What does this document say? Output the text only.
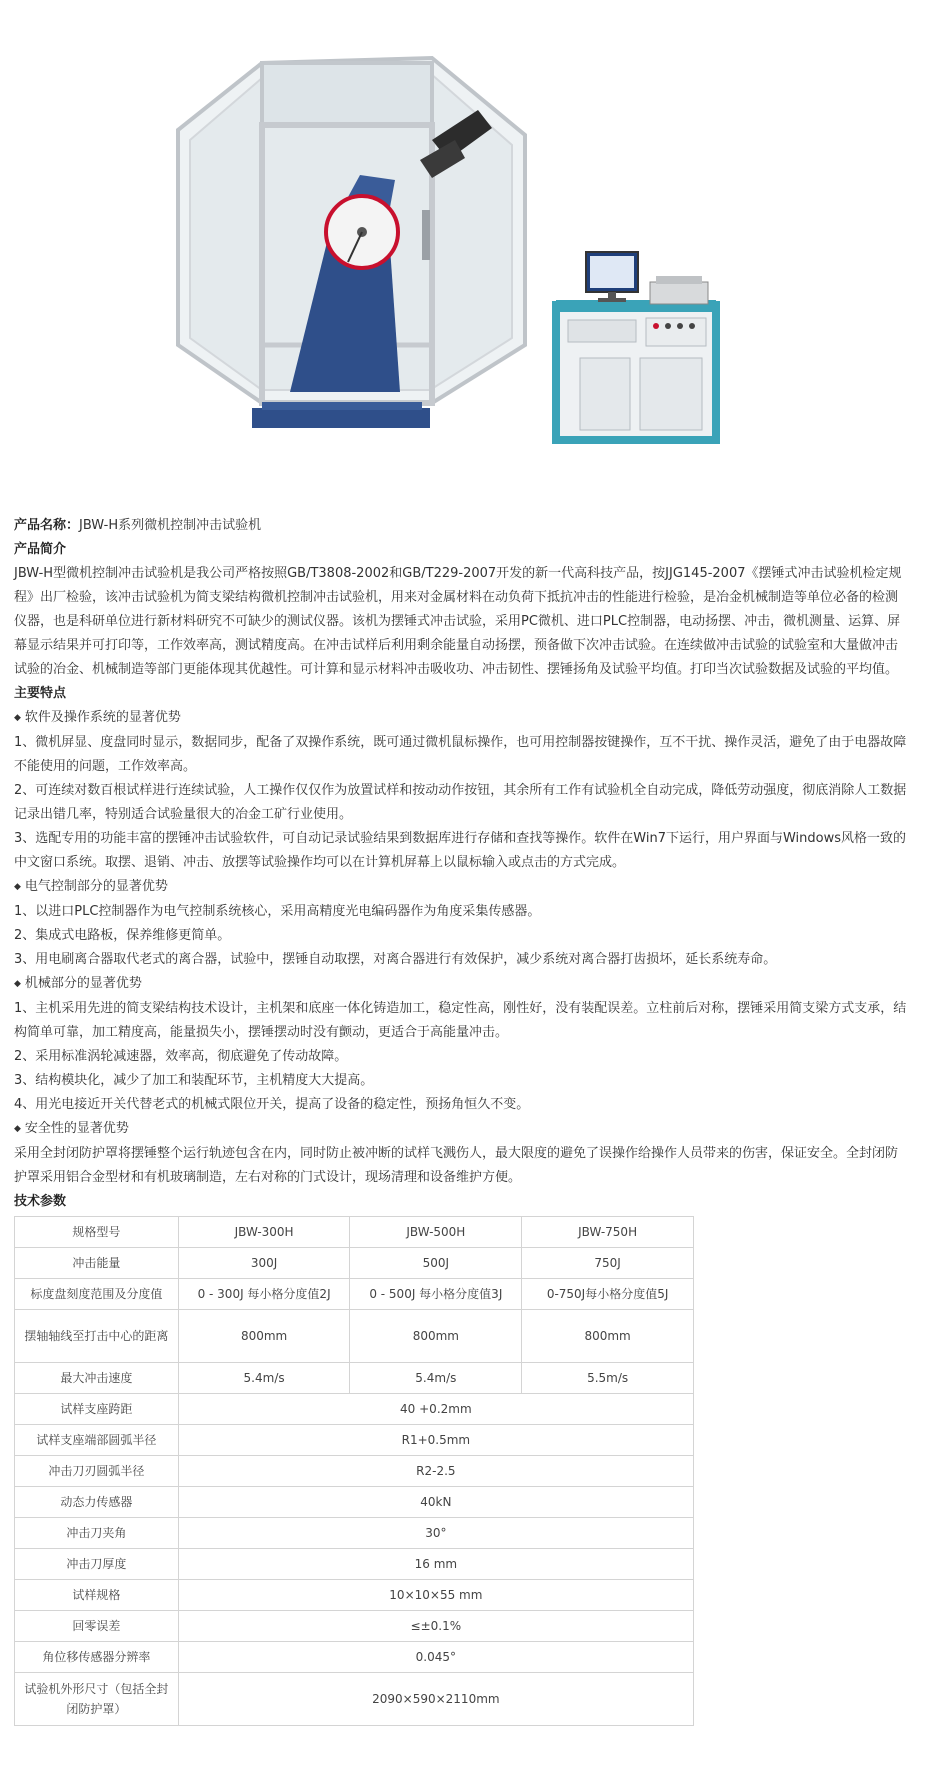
产品名称：JBW-H系列微机控制冲击试验机

产品简介

JBW-H型微机控制冲击试验机是我公司严格按照GB/T3808-2002和GB/T229-2007开发的新一代高科技产品，按JJG145-2007《摆锤式冲击试验机检定规程》出厂检验，该冲击试验机为简支梁结构微机控制冲击试验机，用来对金属材料在动负荷下抵抗冲击的性能进行检验，是冶金机械制造等单位必备的检测仪器，也是科研单位进行新材料研究不可缺少的测试仪器。该机为摆锤式冲击试验，采用PC微机、进口PLC控制器，电动扬摆、冲击，微机测量、运算、屏幕显示结果并可打印等，工作效率高，测试精度高。在冲击试样后利用剩余能量自动扬摆，预备做下次冲击试验。在连续做冲击试验的试验室和大量做冲击试验的冶金、机械制造等部门更能体现其优越性。可计算和显示材料冲击吸收功、冲击韧性、摆锤扬角及试验平均值。打印当次试验数据及试验的平均值。

主要特点

◆ 软件及操作系统的显著优势

1、微机屏显、度盘同时显示，数据同步，配备了双操作系统，既可通过微机鼠标操作，也可用控制器按键操作，互不干扰、操作灵活，避免了由于电器故障不能使用的问题，工作效率高。

2、可连续对数百根试样进行连续试验，人工操作仅仅作为放置试样和按动动作按钮，其余所有工作有试验机全自动完成，降低劳动强度，彻底消除人工数据记录出错几率，特别适合试验量很大的冶金工矿行业使用。

3、选配专用的功能丰富的摆锤冲击试验软件，可自动记录试验结果到数据库进行存储和查找等操作。软件在Win7下运行，用户界面与Windows风格一致的中文窗口系统。取摆、退销、冲击、放摆等试验操作均可以在计算机屏幕上以鼠标输入或点击的方式完成。

◆ 电气控制部分的显著优势

1、以进口PLC控制器作为电气控制系统核心，采用高精度光电编码器作为角度采集传感器。

2、集成式电路板，保养维修更简单。

3、用电刷离合器取代老式的离合器，试验中，摆锤自动取摆，对离合器进行有效保护，减少系统对离合器打齿损坏，延长系统寿命。

◆ 机械部分的显著优势

1、主机采用先进的简支梁结构技术设计，主机架和底座一体化铸造加工，稳定性高，刚性好，没有装配误差。立柱前后对称，摆锤采用简支梁方式支承，结构简单可靠，加工精度高，能量损失小，摆锤摆动时没有颤动，更适合于高能量冲击。

2、采用标准涡轮减速器，效率高，彻底避免了传动故障。

3、结构模块化，减少了加工和装配环节，主机精度大大提高。

4、用光电接近开关代替老式的机械式限位开关，提高了设备的稳定性，预扬角恒久不变。

◆ 安全性的显著优势

采用全封闭防护罩将摆锤整个运行轨迹包含在内，同时防止被冲断的试样飞溅伤人，最大限度的避免了误操作给操作人员带来的伤害，保证安全。全封闭防护罩采用铝合金型材和有机玻璃制造，左右对称的门式设计，现场清理和设备维护方便。

技术参数

规格型号	JBW-300H	JBW-500H	JBW-750H
冲击能量	300J	500J	750J
标度盘刻度范围及分度值	0 - 300J 每小格分度值2J	0 - 500J 每小格分度值3J	0-750J每小格分度值5J
摆轴轴线至打击中心的距离	800mm	800mm	800mm
最大冲击速度	5.4m/s	5.4m/s	5.5m/s
试样支座跨距	40 +0.2mm		
试样支座端部圆弧半径	R1+0.5mm		
冲击刀刃圆弧半径	R2-2.5		
动态力传感器	40kN		
冲击刀夹角	30°		
冲击刀厚度	16 mm		
试样规格	10×10×55 mm		
回零误差	≤±0.1%		
角位移传感器分辨率	0.045°		
试验机外形尺寸（包括全封闭防护罩）	2090×590×2110mm		
